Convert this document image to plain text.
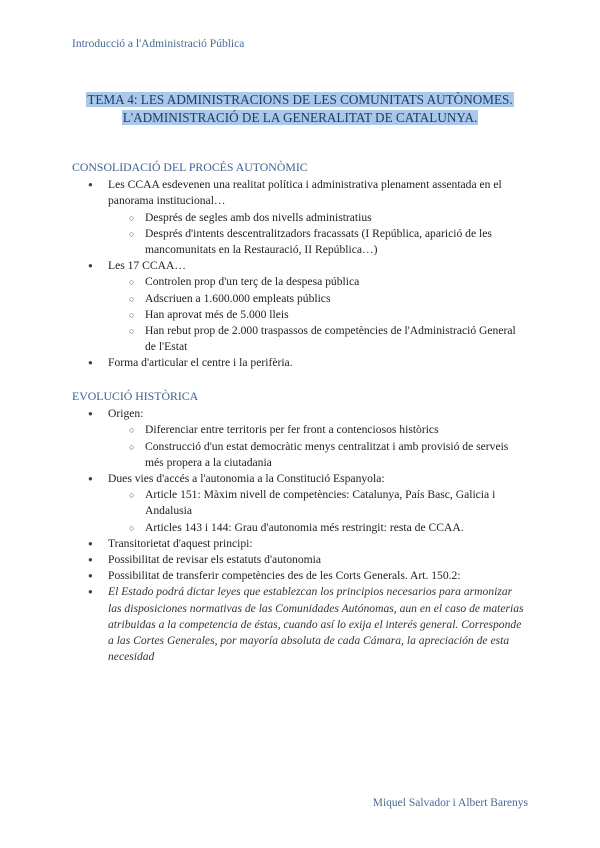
Introducció a l'Administració Pública
TEMA 4: LES ADMINISTRACIONS DE LES COMUNITATS AUTÒNOMES.
L'ADMINISTRACIÓ DE LA GENERALITAT DE CATALUNYA.
CONSOLIDACIÓ DEL PROCÉS AUTONÒMIC
● Les CCAA esdevenen una realitat política i administrativa plenament assentada en el panorama institucional…
○ Després de segles amb dos nivells administratius
○ Després d'intents descentralitzadors fracassats (I República, aparició de les mancomunitats en la Restauració, II República…)
● Les 17 CCAA…
○ Controlen prop d'un terç de la despesa pública
○ Adscriuen a 1.600.000 empleats públics
○ Han aprovat més de 5.000 lleis
○ Han rebut prop de 2.000 traspassos de competències de l'Administració General de l'Estat
● Forma d'articular el centre i la perifèria.
EVOLUCIÓ HISTÒRICA
● Origen:
○ Diferenciar entre territoris per fer front a contenciosos històrics
○ Construcció d'un estat democràtic menys centralitzat i amb provisió de serveis més propera a la ciutadania
● Dues vies d'accés a l'autonomia a la Constitució Espanyola:
○ Article 151: Màxim nivell de competències: Catalunya, País Basc, Galicia i Andalusia
○ Articles 143 i 144: Grau d'autonomia més restringit: resta de CCAA.
● Transitorietat d'aquest principi:
● Possibilitat de revisar els estatuts d'autonomia
● Possibilitat de transferir competències des de les Corts Generals. Art. 150.2:
● El Estado podrá dictar leyes que establezcan los principios necesarios para armonizar las disposiciones normativas de las Comunidades Autónomas, aun en el caso de materias atribuidas a la competencia de éstas, cuando así lo exija el interés general. Corresponde a las Cortes Generales, por mayoría absoluta de cada Cámara, la apreciación de esta necesidad
Miquel Salvador i Albert Barenys
